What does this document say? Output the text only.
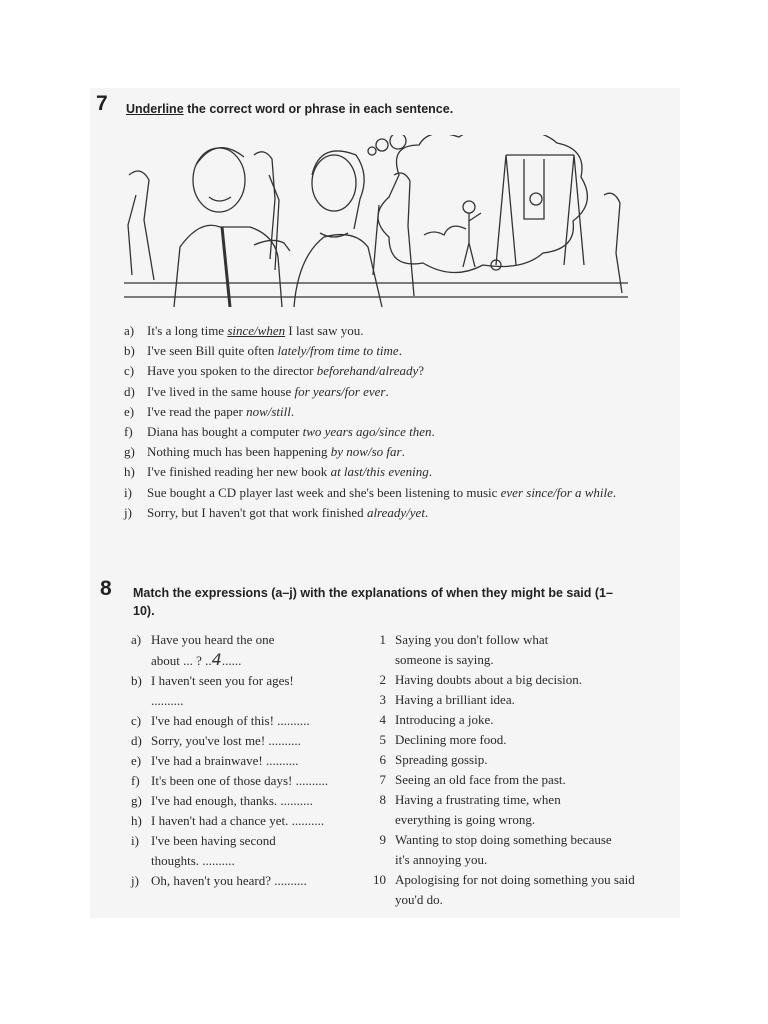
7 Underline the correct word or phrase in each sentence.
a) It's a long time since/when I last saw you.
b) I've seen Bill quite often lately/from time to time.
c) Have you spoken to the director beforehand/already?
d) I've lived in the same house for years/for ever.
e) I've read the paper now/still.
f) Diana has bought a computer two years ago/since then.
g) Nothing much has been happening by now/so far.
h) I've finished reading her new book at last/this evening.
i) Sue bought a CD player last week and she's been listening to music ever since/for a while.
j) Sorry, but I haven't got that work finished already/yet.
8 Match the expressions (a–j) with the explanations of when they might be said (1–10).
a) Have you heard the one about ... ? ..4......
b) I haven't seen you for ages! ..........
c) I've had enough of this! ..........
d) Sorry, you've lost me! ..........
e) I've had a brainwave! ..........
f) It's been one of those days! ..........
g) I've had enough, thanks. ..........
h) I haven't had a chance yet. ..........
i) I've been having second thoughts. ..........
j) Oh, haven't you heard? ..........
1 Saying you don't follow what someone is saying.
2 Having doubts about a big decision.
3 Having a brilliant idea.
4 Introducing a joke.
5 Declining more food.
6 Spreading gossip.
7 Seeing an old face from the past.
8 Having a frustrating time, when everything is going wrong.
9 Wanting to stop doing something because it's annoying you.
10 Apologising for not doing something you said you'd do.
